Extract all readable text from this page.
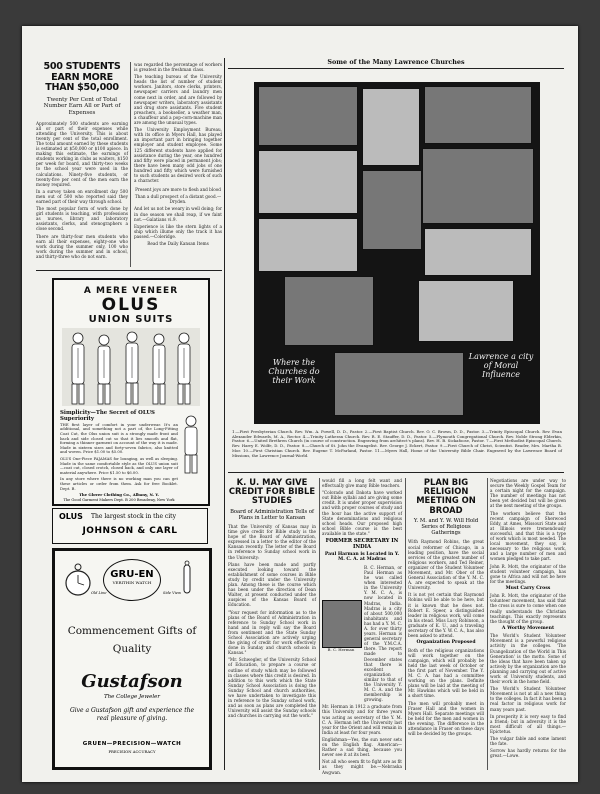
500 STUDENTS EARN MORE THAN $50,000
Twenty Per Cent of Total Number Earn All or Part of Expenses

Approximately 500 students are earning all or part of their expenses while attending the University. This is about twenty per cent of the total enrollment. The total amount earned by these students is estimated at $50,000 or $100 apiece. In making this estimate, the earnings of students working in clubs as waiters, $150 per week for board, and thirty-two weeks to the school year were used in the calculations. Ninety-five students, or twenty-five per cent of the men earn the money required.

In a survey taken on enrollment day 500 men out of 500 who reported said they earned part of their way through school.

The most popular form of work done by girl students is teaching, with professions as nurses, library and laboratory assistants, clerks, and stenographers a close second.

There are thirty-four men students who earn all their expenses, eighty-one who work during the summer only, 100 who work during the summer and in school, and thirty-three who do not earn.

was regarded the percentage of workers is greatest in the freshman class.

The teaching bureau of the University heads the list of number of student workers. Janitors, store clerks, printers, newspaper carriers and laundry men come next in order, and are followed by newspaper writers, laboratory assistants and drug store assistants. Five student preachers, a bookseller, a weather man, a chauffeur and a pop-corn-machine man are among the unusual types.

The University Employment Bureau, with its office in Myers Hall, has played an important part in bringing together employer and student employee. Some 125 different students have applied for assistance during the year, one hundred and fifty were placed in permanent jobs; there have been many odd jobs of one hundred and fifty which were furnished to such students as desired work of such a character.

Present joys are more to flesh and blood

Than a dull prospect of a distant good.—Dryden.

And let us not be weary in well doing; for in due season we shall reap, if we faint not.—Galatians vi.9.

Experience is like the stern lights of a ship which illume only the track it has passed.—Coleridge.

Read the Daily Kansan Items

A MERE VENEER
OLUS
UNION SUITS
Simplicity—The Secret of OLUS Superiority

THE first layer of comfort in your underwear. It's an additional, and something not a part of, the Long-Fitting Coat Cut, the Olus union suit is a strongly made front and back and side closed cut so that it lies smooth and flat, forming a thinner garment on account of the way it is made. Made in sixteen sizes and forty-seven fabrics, also knitted and woven. Price $1.00 to $5.00.

OLUS One-Piece PAJAMAS for lounging, as well as sleeping. Made in the same comfortable style as the OLUS union suit—coat cut, closed crotch, closed back, and only one layer of material anywhere. Price $1.50 to $6.00.

In any store where there is no working man you can get these articles or order from them. Ask for free Booklet. Dept. B.

The Glover Clothing Co., Albany, N. Y.
The Good Garment Makers Dept. B 200 Broadway, New York
OLUS The largest stock in the city
JOHNSON & CARL
GRU-EN
VERITHIN WATCH
Old Line	Side View
Commencement Gifts of
Quality
Gustafson
The College Jeweler
Give a Gustafson gift and experience the real pleasure of giving.
GRUEN—PRECISION—WATCH
PRECISION ACCURACY
Some of the Many Lawrence Churches
Where the Churches do their Work
Lawrence a city of Moral Influence
1.—First Presbyterian Church. Rev. Wm. A. Powell, D. D., Pastor. 2.—First Baptist Church. Rev. O. C. Brown, D. D., Pastor. 3.—Trinity Episcopal Church. Rev. Evan Alexander Edwards, M. A., Rector. 4.—Trinity Lutheran Church. Rev. R. E. Stauffer, D. D., Pastor. 5.—Plymouth Congregational Church. Rev. Noble Strong Elderkin, Pastor. 6.—United Brethren Church (in course of construction. Engraving from architect's plans). Rev. H. B. Sickafoose, Pastor. 7.—First Methodist Episcopal Church. Rev. Harry E. Wolfe, D. D., Pastor. 8.—Church of St. John the Evangelist. Rev. George J. Eckert, Pastor. 9.—First Church of Christ, Scientist. Reader, Mrs. Martha B. Mor. 10.—First Christian Church. Rev. Eugene T. McFarland, Pastor. 11.—Myers Hall, Home of the University Bible Chair. Engraved by the Lawrence Board of Missions, the Lawrence Journal-World.
K. U. MAY GIVE CREDIT FOR BIBLE STUDIES
Board of Administration Tells of Plans in Letter to Kansan

That the University of Kansas may in time give credit for Bible study is the hope of the Board of Administration, expressed in a letter to the editor of the Kansan recently. The letter of the Board in reference to Sunday school work in the University:

Plans have been made and partly executed looking toward the establishment of some courses in Bible study by credit under the University plan. Among these is the course which has been under the direction of Dean Walter, at present conducted under the auspices of the Kansas Board of Education.

"Your request for information as to the plans of the Board of Administration in reference to Sunday School work in hand and in reply will say the Board from sentiment and the State Sunday School Association are actively urging the giving of credit for work effectively done in Sunday and church schools in Kansas."

"Mr. Schwegler, of the University School of Education, to prepare a course or outline of study which may be followed in classes where this credit is desired. In addition to this work which the State Sunday School Association is doing the Sunday School and church authorities, we have undertaken to investigate this in reference to the Sunday school work, and as soon as plans are completed the University will assist the Sunday schools and churches in carrying out the work."

would fill a long felt want and effectually give many Bible teachers.

"Colorado and Dakota have worked out Bible syllabi and are giving some credit. It is under proper supervision and with proper courses of study and the hour has the active support of State denominations and religious school heads. Our proposed high school Bible course is the best available in the state."

FORMER SECRETARY IN INDIA
Paul Harman is Located in Y. M. C. A. at Madras

B. C. Herman, or Paul Herman as he was called when interested in the University Y. M. C. A., is now located in Madras, India. Madras is a city of about 500,000 inhabitants and has had a Y. M. C. A. for over thirty years. Herman is general secretary of the Y.M.C.A. there. The report made to December states that there is excellent organization similar to that of the University Y. M. C. A. and the membership is growing.

Mr. Herman in 1912 a graduate from this University and for three years was acting as secretary of the Y. M. C. A. Herman left the University last year for the Orient and will remain in India at least for four years.

Englishman—Yes, the sun never sets on the English flag. American—Rather a sad thing, because you never see it at its best.

Not all who seem fit to fight are as fit as they might be.—Nebraska Awgwan.

B. C. Herman
PLAN BIG RELIGION MEETING ON BROAD
Y. M. and Y. W. Will Hold Series of Religious Gatherings

With Raymond Robins, the great social reformer of Chicago, in a leading position, have the social services of the greatest number of religious workers, and Ted Reiner, organizer of the Student Volunteer Movement, and Mr. Ober of the General Association of the Y. M. C. A. are expected to speak at the University.

It is not yet certain that Raymond Robins will be able to be here, but it is known that he does not. Robert E. Speer, a distinguished leader in religious work, will come in his stead. Miss Lucy Robinson, a graduate of K. U., and a traveling secretary of the Y. W. C. A., has also been asked to attend.

Organization Proposed

Both of the religious organizations will work together on the campaign, which will probably be held the last week of October or the first part of November. The Y. M. C. A. has had a committee working on the plans. Definite plans will be laid at the meeting of Mr. Hawkins which will be held in a short time.

The men will probably meet in Fraser Hall and the women in Myers Hall. Separate meetings will be held for the men and women in the evening. The difference in the attendance in Fraser on these days will be decided by the groups.

Negotiations are under way to secure the Weekly Gospel Team for a certain night for the campaign. The number of meetings has not been yet decided but will be given at the next meeting of the groups.

The workers believe that the recent campaign of Sherwood Eddy, at Ames, Missouri State and at Illinois were tremendously successful, and that this is a type of work which is most needed. The local movement, they say, is necessary to the religious work, and a large number of men and women pledged to take part.

John R. Mott, the originator of the student volunteer campaign, has gone to Africa and will not be here for the meetings.

Must Carry Cross

John R. Mott, the originator of the volunteer movement, has said that the cross is sure to come when one really understands the Christian teachings. This exactly represents the thought of the group.

A Worthy Movement

The World's Student Volunteer Movement is a powerful religious activity in the colleges. 'The Evangelization of the World in This Generation' is the motto. Some of the ideas that have been taken up actively by the organization are the planning and carrying out of active work of University students, and their work in the home field.

The World's Student Volunteer Movement is not at all a new thing to the colleges. In fact it has been a real factor in religious work for many years past.

In prosperity it is very easy to find a friend; but in adversity it is the most difficult of all things.—Epictetus.

The vulgar fable and some lament the fate.

Sorrow has hardly returns for the great.—Lowe.
